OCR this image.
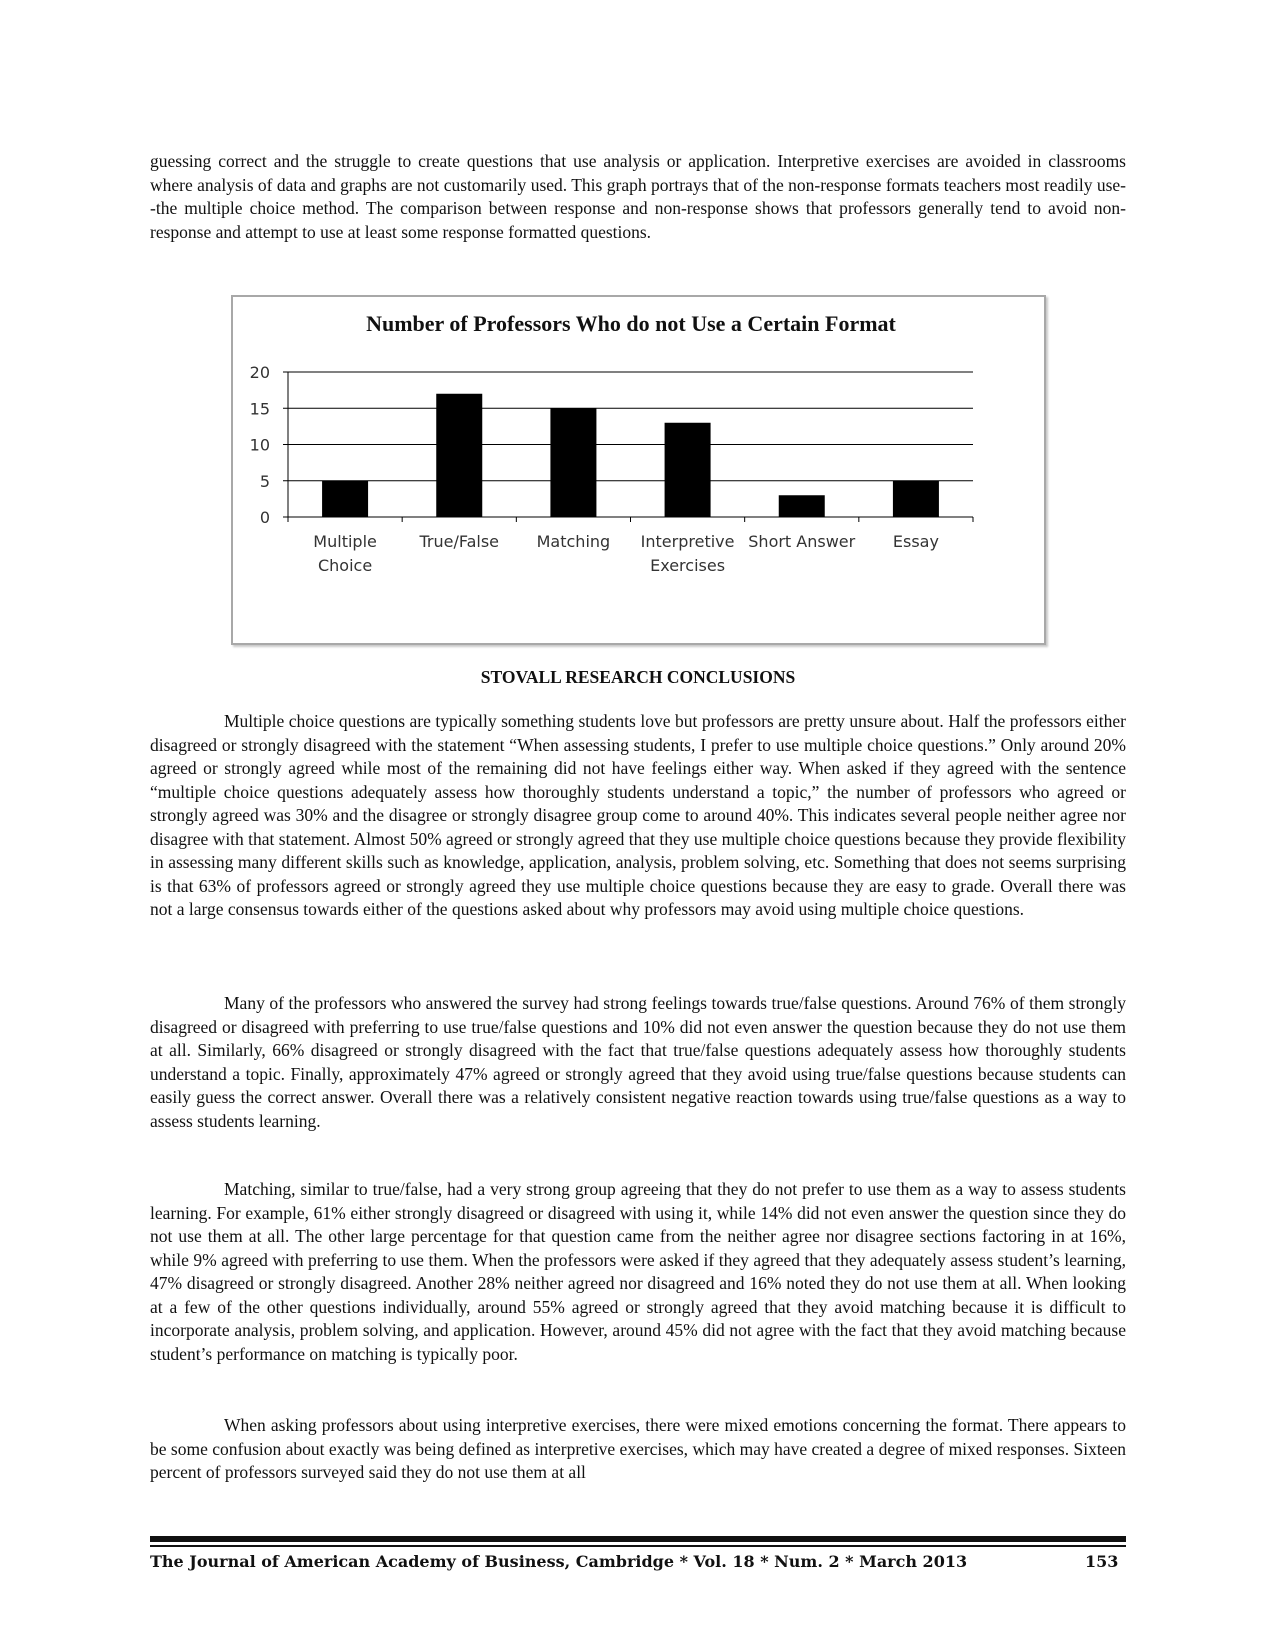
guessing correct and the struggle to create questions that use analysis or application. Interpretive exercises are avoided in classrooms where analysis of data and graphs are not customarily used. This graph portrays that of the non-response formats teachers most readily use--the multiple choice method. The comparison between response and non-response shows that professors generally tend to avoid non-response and attempt to use at least some response formatted questions.

Number of Professors Who do not Use a Certain Format
0
5
10
15
20
Multiple
Choice
True/False Matching Interpretive
Exercises
Short Answer Essay

STOVALL RESEARCH CONCLUSIONS

Multiple choice questions are typically something students love but professors are pretty unsure about. Half the professors either disagreed or strongly disagreed with the statement “When assessing students, I prefer to use multiple choice questions.” Only around 20% agreed or strongly agreed while most of the remaining did not have feelings either way. When asked if they agreed with the sentence “multiple choice questions adequately assess how thoroughly students understand a topic,” the number of professors who agreed or strongly agreed was 30% and the disagree or strongly disagree group come to around 40%. This indicates several people neither agree nor disagree with that statement. Almost 50% agreed or strongly agreed that they use multiple choice questions because they provide flexibility in assessing many different skills such as knowledge, application, analysis, problem solving, etc. Something that does not seems surprising is that 63% of professors agreed or strongly agreed they use multiple choice questions because they are easy to grade. Overall there was not a large consensus towards either of the questions asked about why professors may avoid using multiple choice questions.

Many of the professors who answered the survey had strong feelings towards true/false questions. Around 76% of them strongly disagreed or disagreed with preferring to use true/false questions and 10% did not even answer the question because they do not use them at all. Similarly, 66% disagreed or strongly disagreed with the fact that true/false questions adequately assess how thoroughly students understand a topic. Finally, approximately 47% agreed or strongly agreed that they avoid using true/false questions because students can easily guess the correct answer. Overall there was a relatively consistent negative reaction towards using true/false questions as a way to assess students learning.

Matching, similar to true/false, had a very strong group agreeing that they do not prefer to use them as a way to assess students learning. For example, 61% either strongly disagreed or disagreed with using it, while 14% did not even answer the question since they do not use them at all. The other large percentage for that question came from the neither agree nor disagree sections factoring in at 16%, while 9% agreed with preferring to use them. When the professors were asked if they agreed that they adequately assess student’s learning, 47% disagreed or strongly disagreed. Another 28% neither agreed nor disagreed and 16% noted they do not use them at all. When looking at a few of the other questions individually, around 55% agreed or strongly agreed that they avoid matching because it is difficult to incorporate analysis, problem solving, and application. However, around 45% did not agree with the fact that they avoid matching because student’s performance on matching is typically poor.

When asking professors about using interpretive exercises, there were mixed emotions concerning the format. There appears to be some confusion about exactly was being defined as interpretive exercises, which may have created a degree of mixed responses. Sixteen percent of professors surveyed said they do not use them at all

The Journal of American Academy of Business, Cambridge * Vol. 18 * Num. 2 * March 2013	153
